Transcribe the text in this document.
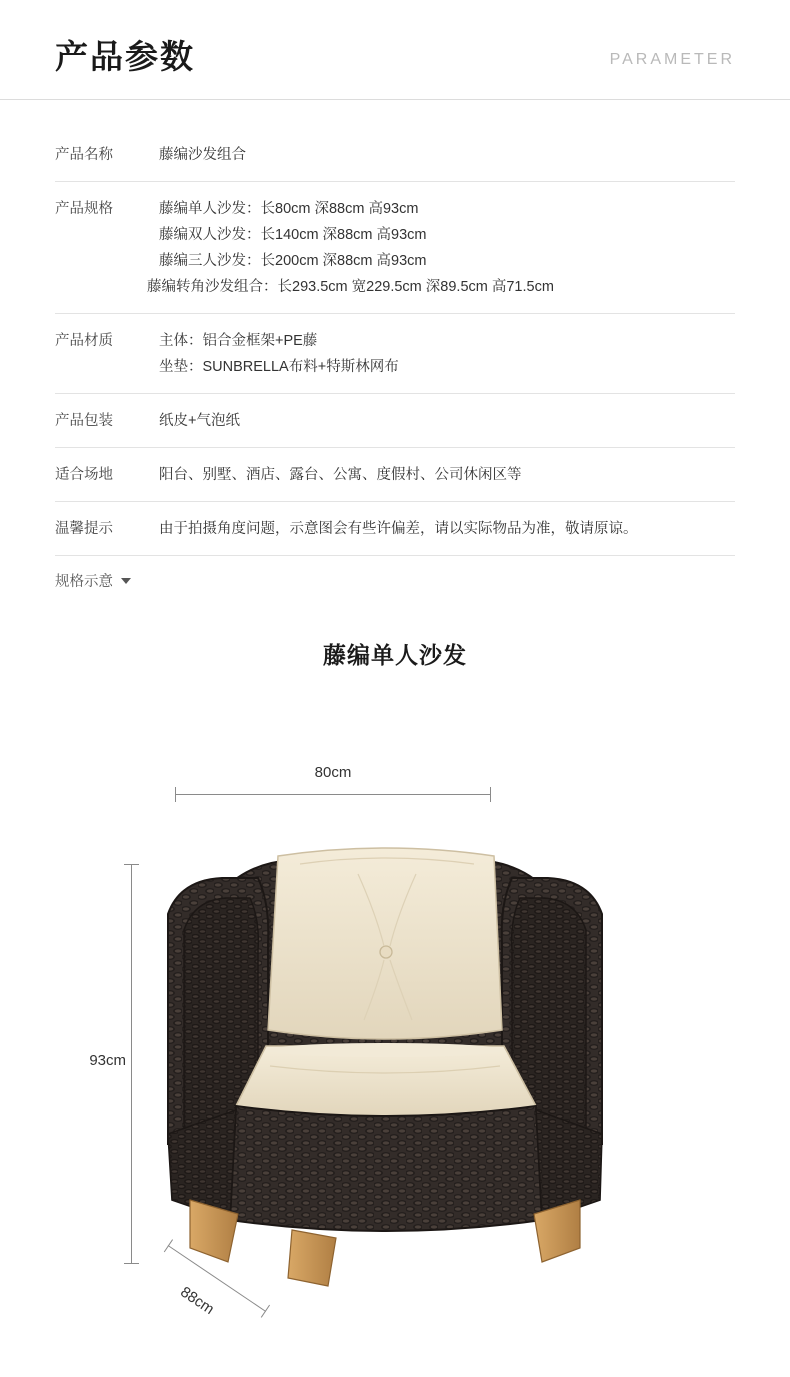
产品参数	PARAMETER
产品名称	藤编沙发组合
产品规格	藤编单人沙发：长80cm 深88cm 高93cm
藤编双人沙发：长140cm 深88cm 高93cm
藤编三人沙发：长200cm 深88cm 高93cm
藤编转角沙发组合：长293.5cm 宽229.5cm 深89.5cm 高71.5cm
产品材质	主体：铝合金框架+PE藤
坐垫：SUNBRELLA布料+特斯林网布
产品包装	纸皮+气泡纸
适合场地	阳台、别墅、酒店、露台、公寓、度假村、公司休闲区等
温馨提示	由于拍摄角度问题，示意图会有些许偏差，请以实际物品为准，敬请原谅。
规格示意
藤编单人沙发
80cm
93cm
88cm
